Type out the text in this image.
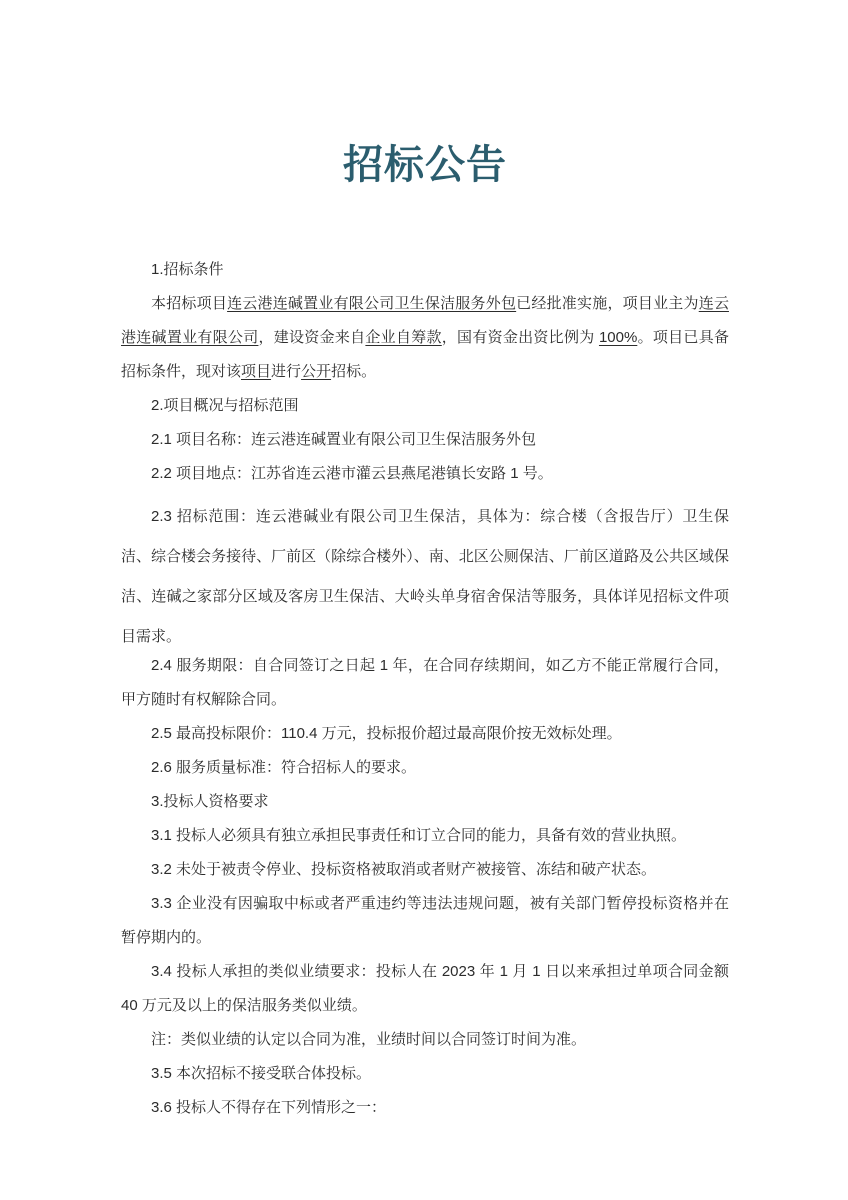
招标公告

1.招标条件

本招标项目连云港连碱置业有限公司卫生保洁服务外包已经批准实施，项目业主为连云港连碱置业有限公司，建设资金来自企业自筹款，国有资金出资比例为 100%。项目已具备招标条件，现对该项目进行公开招标。

2.项目概况与招标范围

2.1 项目名称：连云港连碱置业有限公司卫生保洁服务外包

2.2 项目地点：江苏省连云港市灌云县燕尾港镇长安路 1 号。

2.3 招标范围：连云港碱业有限公司卫生保洁，具体为：综合楼（含报告厅）卫生保洁、综合楼会务接待、厂前区（除综合楼外）、南、北区公厕保洁、厂前区道路及公共区域保洁、连碱之家部分区域及客房卫生保洁、大岭头单身宿舍保洁等服务，具体详见招标文件项目需求。

2.4 服务期限：自合同签订之日起 1 年，在合同存续期间，如乙方不能正常履行合同，甲方随时有权解除合同。

2.5 最高投标限价：110.4 万元，投标报价超过最高限价按无效标处理。

2.6 服务质量标准：符合招标人的要求。

3.投标人资格要求

3.1 投标人必须具有独立承担民事责任和订立合同的能力，具备有效的营业执照。

3.2 未处于被责令停业、投标资格被取消或者财产被接管、冻结和破产状态。

3.3 企业没有因骗取中标或者严重违约等违法违规问题，被有关部门暂停投标资格并在暂停期内的。

3.4 投标人承担的类似业绩要求：投标人在 2023 年 1 月 1 日以来承担过单项合同金额 40 万元及以上的保洁服务类似业绩。

注：类似业绩的认定以合同为准，业绩时间以合同签订时间为准。

3.5 本次招标不接受联合体投标。

3.6 投标人不得存在下列情形之一：
